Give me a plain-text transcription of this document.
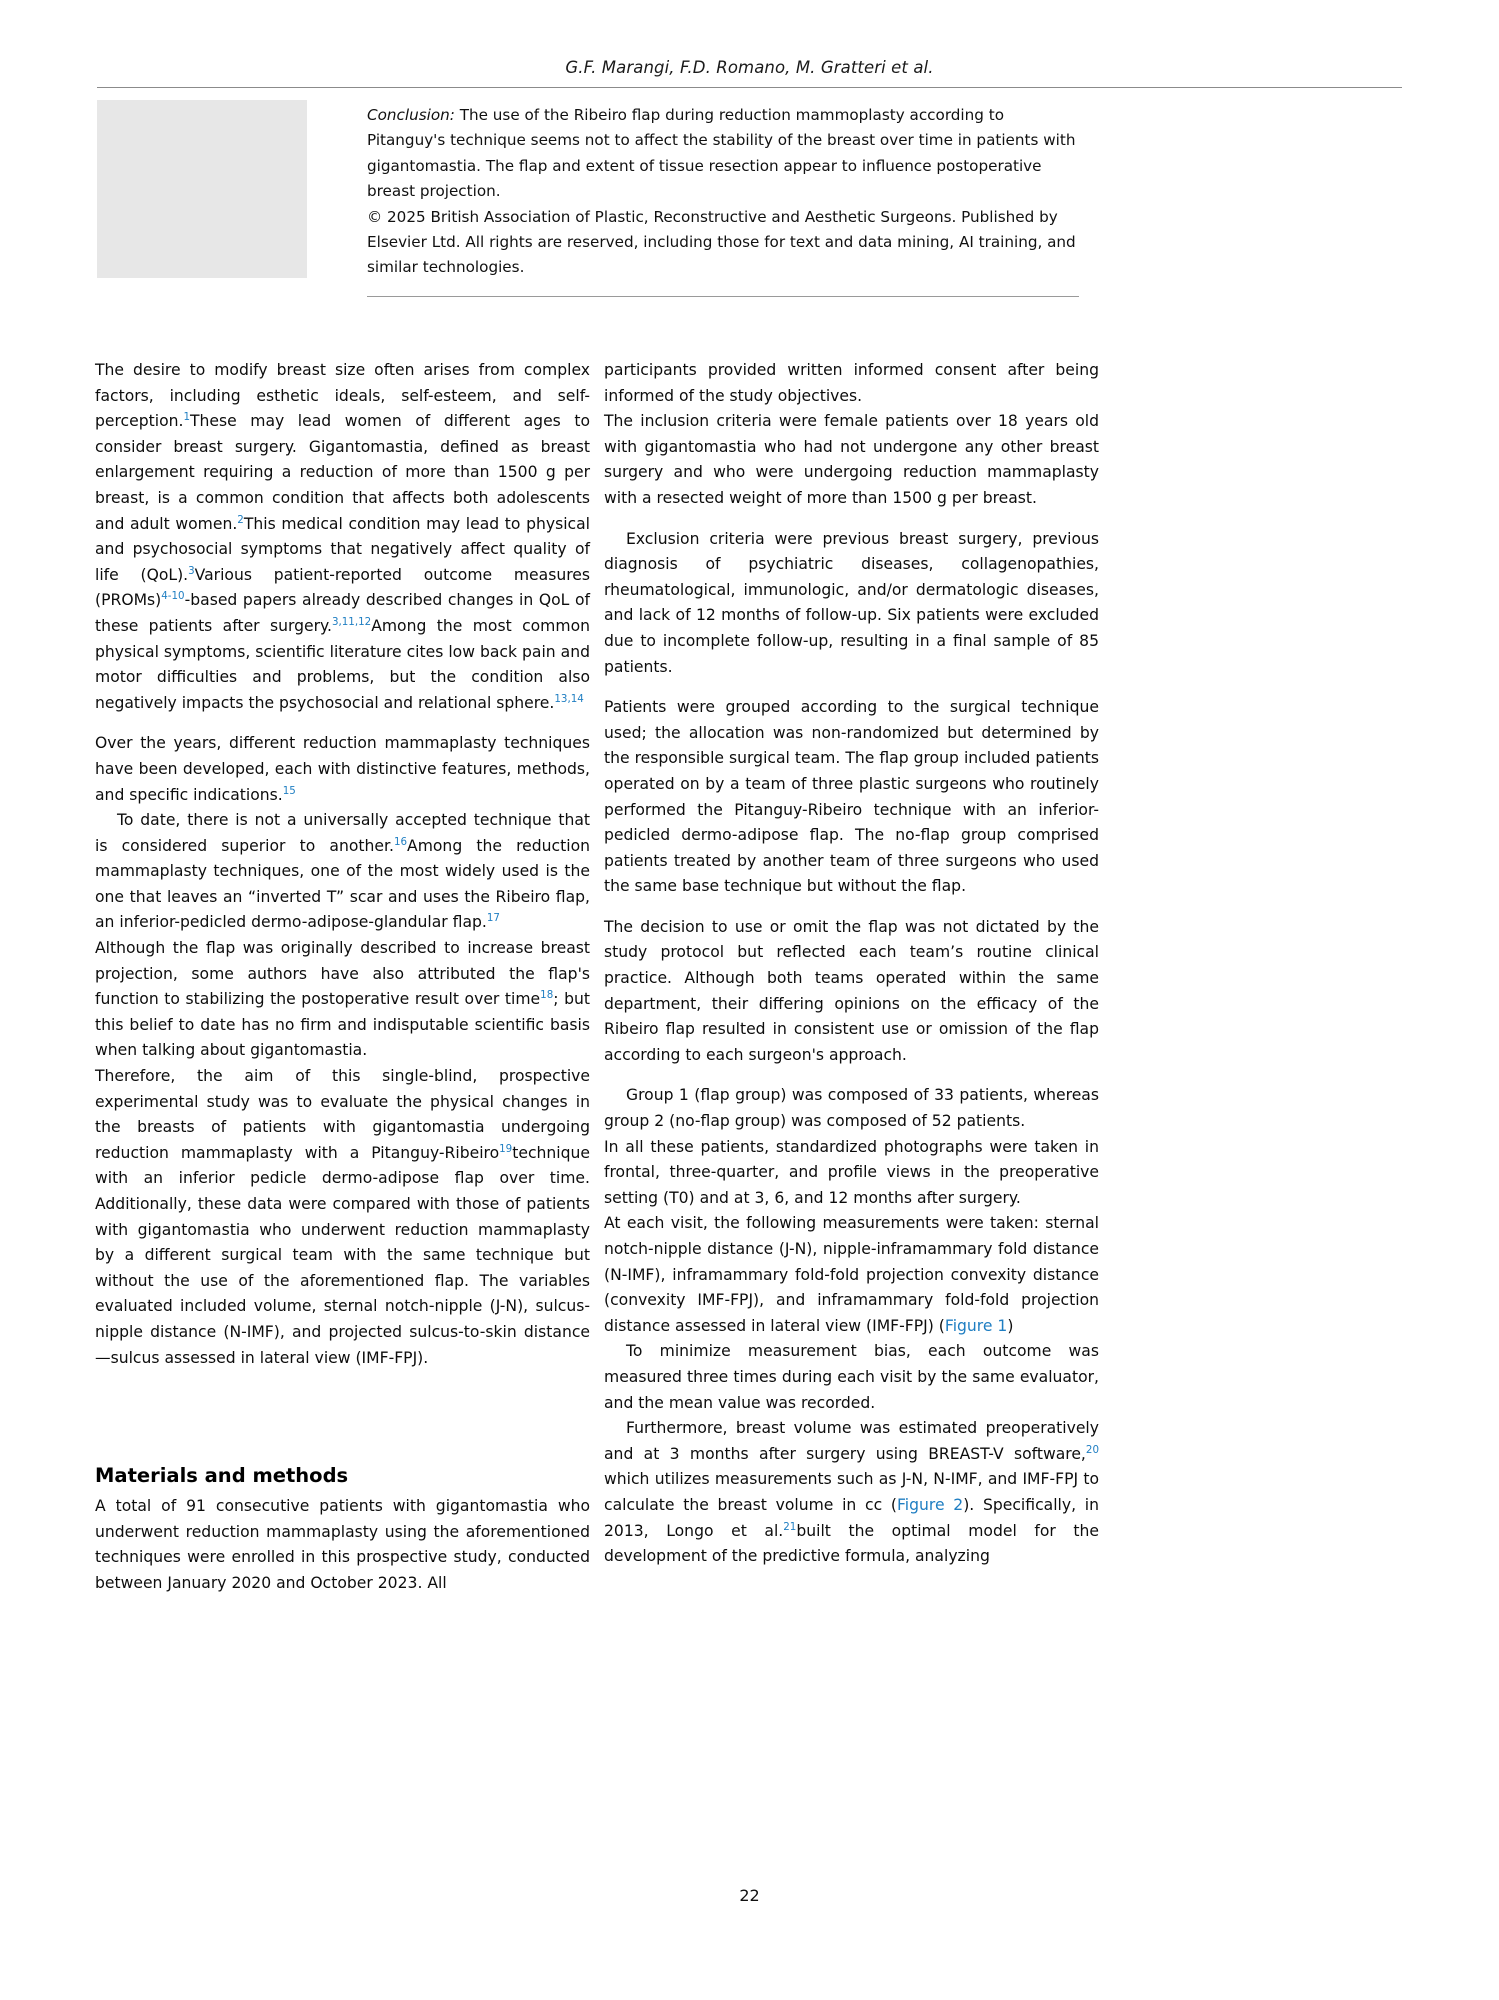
G.F. Marangi, F.D. Romano, M. Gratteri et al.

Conclusion: The use of the Ribeiro flap during reduction mammoplasty according to Pitanguy's technique seems not to affect the stability of the breast over time in patients with gigantomastia. The flap and extent of tissue resection appear to influence postoperative breast projection.

© 2025 British Association of Plastic, Reconstructive and Aesthetic Surgeons. Published by Elsevier Ltd. All rights are reserved, including those for text and data mining, AI training, and similar technologies.

The desire to modify breast size often arises from complex factors, including esthetic ideals, self-esteem, and self-perception.$^1$These may lead women of different ages to consider breast surgery. Gigantomastia, defined as breast enlargement requiring a reduction of more than 1500 g per breast, is a common condition that affects both adolescents and adult women.$^2$This medical condition may lead to physical and psychosocial symptoms that negatively affect quality of life (QoL).$^3$Various patient-reported outcome measures (PROMs)$^{4-10}$-based papers already described changes in QoL of these patients after surgery.$^{3,11,12}$Among the most common physical symptoms, scientific literature cites low back pain and motor difficulties and problems, but the condition also negatively impacts the psychosocial and relational sphere.$^{13,14}$

Over the years, different reduction mammaplasty techniques have been developed, each with distinctive features, methods, and specific indications.$^{15}$

To date, there is not a universally accepted technique that is considered superior to another.$^{16}$Among the reduction mammaplasty techniques, one of the most widely used is the one that leaves an “inverted T” scar and uses the Ribeiro flap, an inferior-pedicled dermo-adipose-glandular flap.$^{17}$

Although the flap was originally described to increase breast projection, some authors have also attributed the flap's function to stabilizing the postoperative result over time$^{18}$; but this belief to date has no firm and indisputable scientific basis when talking about gigantomastia.

Therefore, the aim of this single-blind, prospective experimental study was to evaluate the physical changes in the breasts of patients with gigantomastia undergoing reduction mammaplasty with a Pitanguy-Ribeiro$^{19}$technique with an inferior pedicle dermo-adipose flap over time. Additionally, these data were compared with those of patients with gigantomastia who underwent reduction mammaplasty by a different surgical team with the same technique but without the use of the aforementioned flap. The variables evaluated included volume, sternal notch-nipple (J-N), sulcus-nipple distance (N-IMF), and projected sulcus-to-skin distance—sulcus assessed in lateral view (IMF-FPJ).

Materials and methods

A total of 91 consecutive patients with gigantomastia who underwent reduction mammaplasty using the aforementioned techniques were enrolled in this prospective study, conducted between January 2020 and October 2023. All

participants provided written informed consent after being informed of the study objectives.

The inclusion criteria were female patients over 18 years old with gigantomastia who had not undergone any other breast surgery and who were undergoing reduction mammaplasty with a resected weight of more than 1500 g per breast.

Exclusion criteria were previous breast surgery, previous diagnosis of psychiatric diseases, collagenopathies, rheumatological, immunologic, and/or dermatologic diseases, and lack of 12 months of follow-up. Six patients were excluded due to incomplete follow-up, resulting in a final sample of 85 patients.

Patients were grouped according to the surgical technique used; the allocation was non-randomized but determined by the responsible surgical team. The flap group included patients operated on by a team of three plastic surgeons who routinely performed the Pitanguy-Ribeiro technique with an inferior-pedicled dermo-adipose flap. The no-flap group comprised patients treated by another team of three surgeons who used the same base technique but without the flap.

The decision to use or omit the flap was not dictated by the study protocol but reflected each team’s routine clinical practice. Although both teams operated within the same department, their differing opinions on the efficacy of the Ribeiro flap resulted in consistent use or omission of the flap according to each surgeon's approach.

Group 1 (flap group) was composed of 33 patients, whereas group 2 (no-flap group) was composed of 52 patients.

In all these patients, standardized photographs were taken in frontal, three-quarter, and profile views in the preoperative setting (T0) and at 3, 6, and 12 months after surgery.

At each visit, the following measurements were taken: sternal notch-nipple distance (J-N), nipple-inframammary fold distance (N-IMF), inframammary fold-fold projection convexity distance (convexity IMF-FPJ), and inframammary fold-fold projection distance assessed in lateral view (IMF-FPJ) (Figure 1)

To minimize measurement bias, each outcome was measured three times during each visit by the same evaluator, and the mean value was recorded.

Furthermore, breast volume was estimated preoperatively and at 3 months after surgery using BREAST-V software,$^{20}$ which utilizes measurements such as J-N, N-IMF, and IMF-FPJ to calculate the breast volume in cc (Figure 2). Specifically, in 2013, Longo et al.$^{21}$built the optimal model for the development of the predictive formula, analyzing

22
